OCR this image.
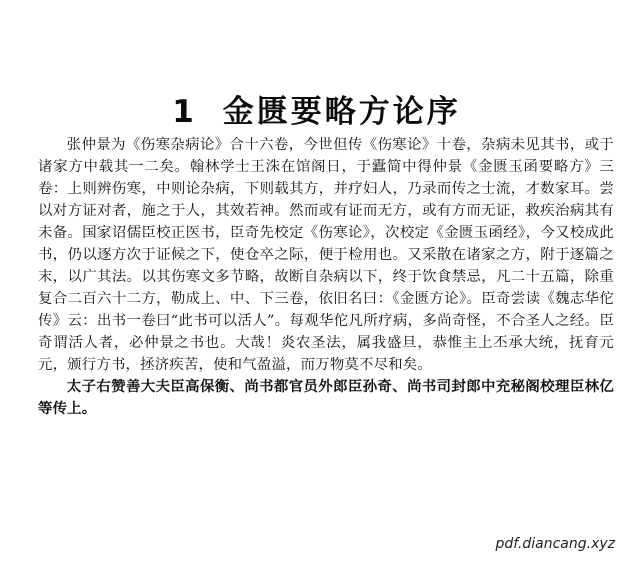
1 金匮要略方论序

张仲景为《伤寒杂病论》合十六卷，今世但传《伤寒论》十卷，杂病未见其书，或于诸家方中载其一二矣。翰林学士王洙在馆阁日，于蠹简中得仲景《金匮玉函要略方》三卷：上则辨伤寒，中则论杂病，下则载其方，并疗妇人，乃录而传之士流，才数家耳。尝以对方证对者，施之于人，其效若神。然而或有证而无方，或有方而无证，救疾治病其有未备。国家诏儒臣校正医书，臣奇先校定《伤寒论》，次校定《金匮玉函经》，今又校成此书，仍以逐方次于证候之下，使仓卒之际，便于检用也。又采散在诸家之方，附于逐篇之末，以广其法。以其伤寒文多节略，故断自杂病以下，终于饮食禁忌，凡二十五篇，除重复合二百六十二方，勒成上、中、下三卷，依旧名曰：《金匮方论》。臣奇尝读《魏志华佗传》云：出书一卷曰“此书可以活人”。每观华佗凡所疗病，多尚奇怪，不合圣人之经。臣奇谓活人者，必仲景之书也。大哉！炎农圣法，属我盛旦，恭惟主上丕承大统，抚育元元，颁行方书，拯济疾苦，使和气盈溢，而万物莫不尽和矣。

太子右赞善大夫臣高保衡、尚书都官员外郎臣孙奇、尚书司封郎中充秘阁校理臣林亿等传上。

pdf.diancang.xyz
